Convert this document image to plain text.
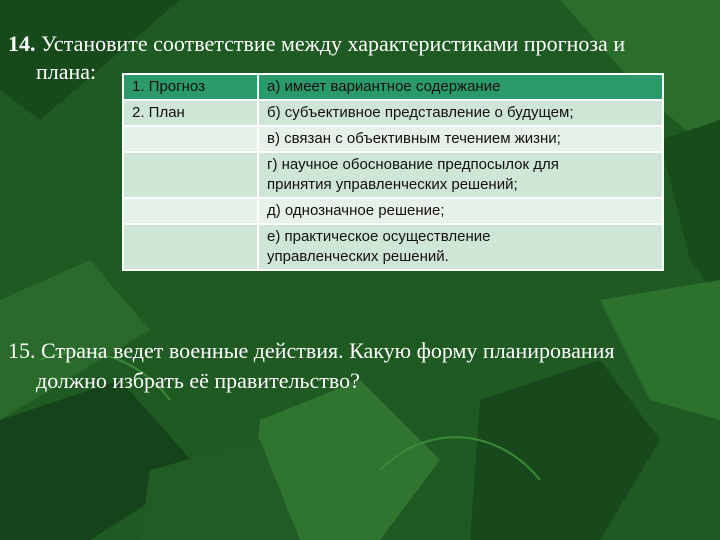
14. Установите соответствие между характеристиками прогноза и
плана:
1. Прогноз	а) имеет вариантное содержание
2. План	б) субъективное представление о будущем;
	в) связан с объективным течением жизни;

	г) научное обоснование предпосылок для
принятия управленческих решений;

	д) однозначное решение;

	е) практическое осуществление
управленческих решений.
15. Страна ведет военные действия. Какую форму планирования
должно избрать её правительство?
